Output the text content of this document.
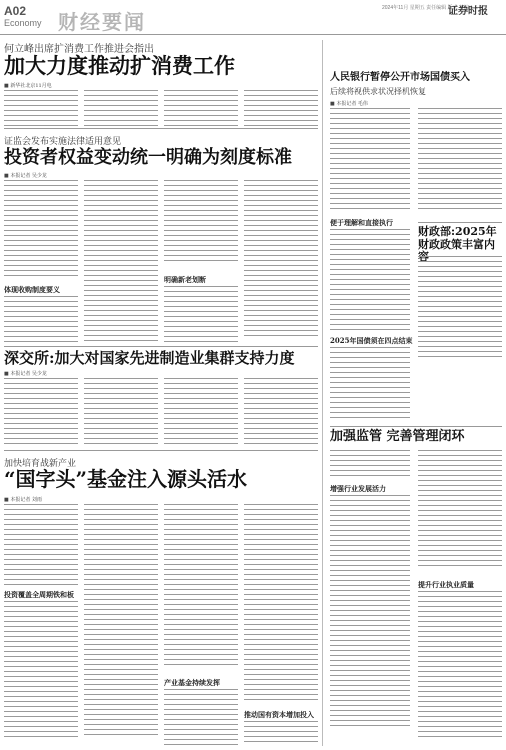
A02
Economy 财经要闻
2024年11月 星期五 责任编辑 版式 美编
证券时报
何立峰出席扩消费工作推进会指出
加大力度推动扩消费工作
■ 新华社北京11月电
证监会发布实施法律适用意见
投资者权益变动统一明确为刻度标准
■ 本报记者 吴少龙
体现收购制度要义
明确新老划断
深交所:加大对国家先进制造业集群支持力度
■ 本报记者 吴少龙
加快培育战新产业
“国字头”基金注入源头活水
■ 本报记者 刘雨
投资覆盖全周期铁和板
产业基金持续发挥
推动国有资本增加投入
人民银行暂停公开市场国债买入
后续将视供求状况择机恢复
■ 本报记者 毛伟
便于理解和直接执行
财政部:2025年财政政策丰富内
2025年国债须在四点结束
加强监管 完善管理闭环
增强行业发展活力
提升行业执业质量
